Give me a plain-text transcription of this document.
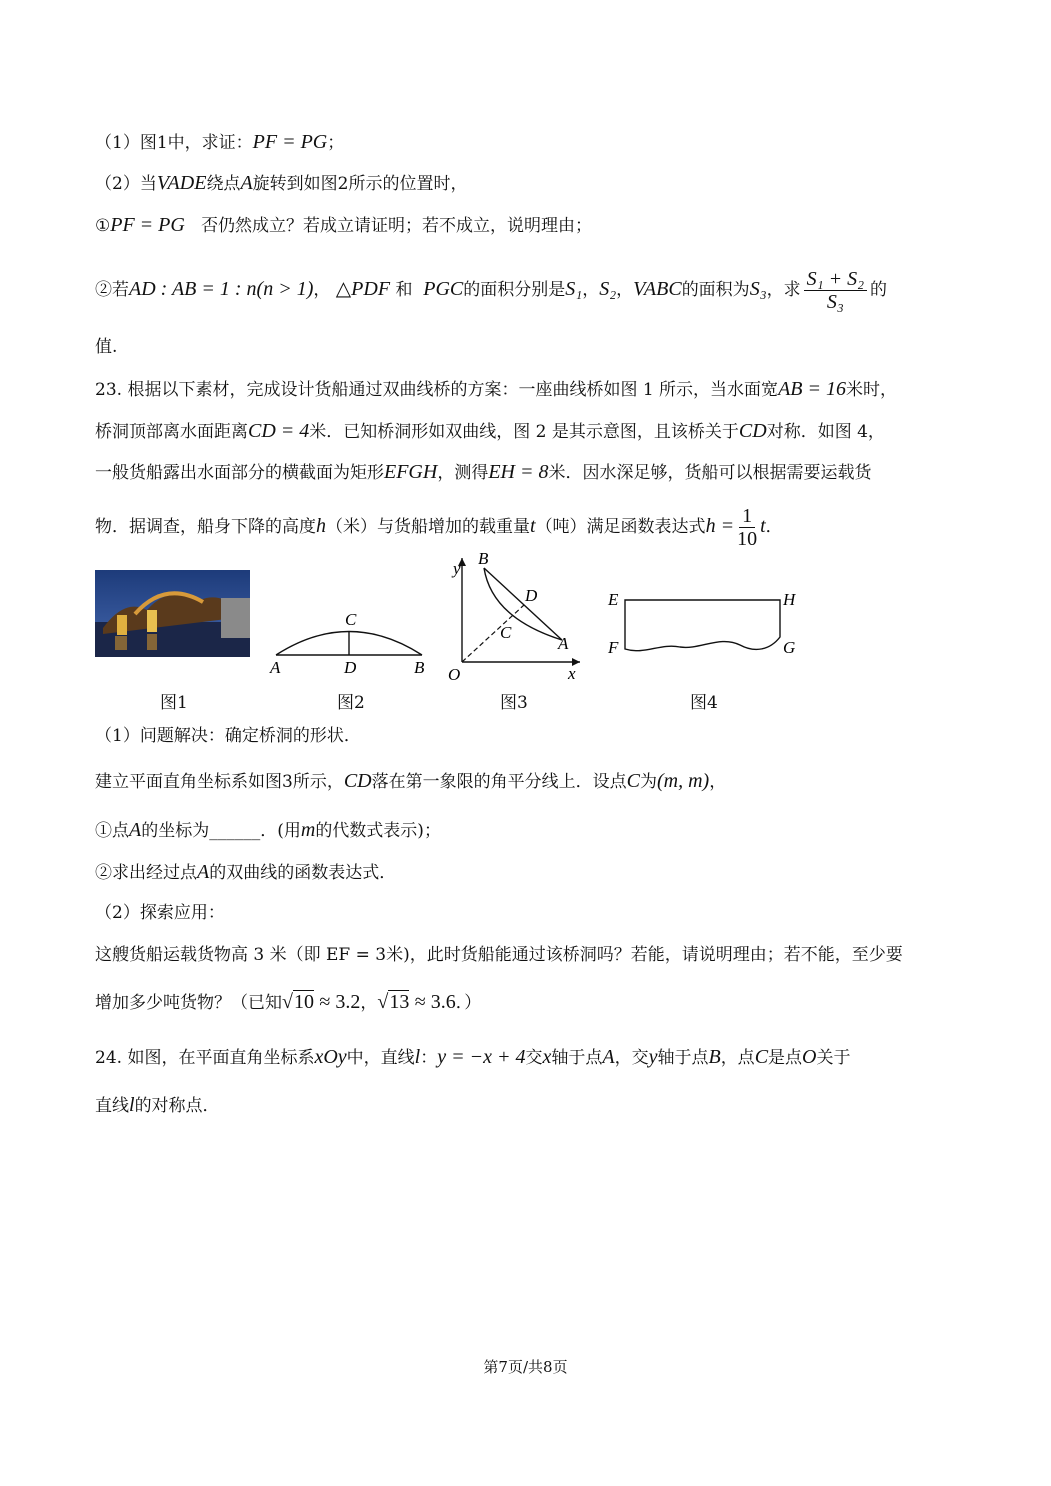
（1）图1中，求证：PF = PG；
（2）当VADE绕点A旋转到如图2所示的位置时，
①PF = PG 否仍然成立？若成立请证明；若不成立，说明理由；
②若AD : AB = 1 : n(n > 1)， △PDF 和 PGC的面积分别是S₁，S₂，VABC的面积为S₃，求 $\frac{\text{S₁ + S₂}}{\text{S₃}}$ 的
值.
23. 根据以下素材，完成设计货船通过双曲线桥的方案：一座曲线桥如图 1 所示，当水面宽AB = 16米时，
桥洞顶部离水面距离CD = 4米．已知桥洞形如双曲线，图 2 是其示意图，且该桥关于CD对称．如图 4，
一般货船露出水面部分的横截面为矩形EFGH，测得EH = 8米．因水深足够，货船可以根据需要运载货
物．据调查，船身下降的高度h（米）与货船增加的载重量t（吨）满足函数表达式$h = \frac{1}{10}$ t．
C
A	D	B
y
B
D
C
A
O	x
E
F
H
G
图1	图2	图3	图4
（1）问题解决：确定桥洞的形状．
建立平面直角坐标系如图3所示，CD落在第一象限的角平分线上．设点C为(m, m)，
①点A的坐标为______．(用m的代数式表示)；
②求出经过点A的双曲线的函数表达式．
（2）探索应用：
这艘货船运载货物高 3 米（即 EF = 3米)，此时货船能通过该桥洞吗？若能，请说明理由；若不能，至少要
增加多少吨货物？（已知√10 ≈ 3.2，√13 ≈ 3.6．）
24. 如图，在平面直角坐标系xOy中，直线l：y = −x + 4交x轴于点A，交y轴于点B，点C是点O关于
直线l的对称点．
第7页/共8页
